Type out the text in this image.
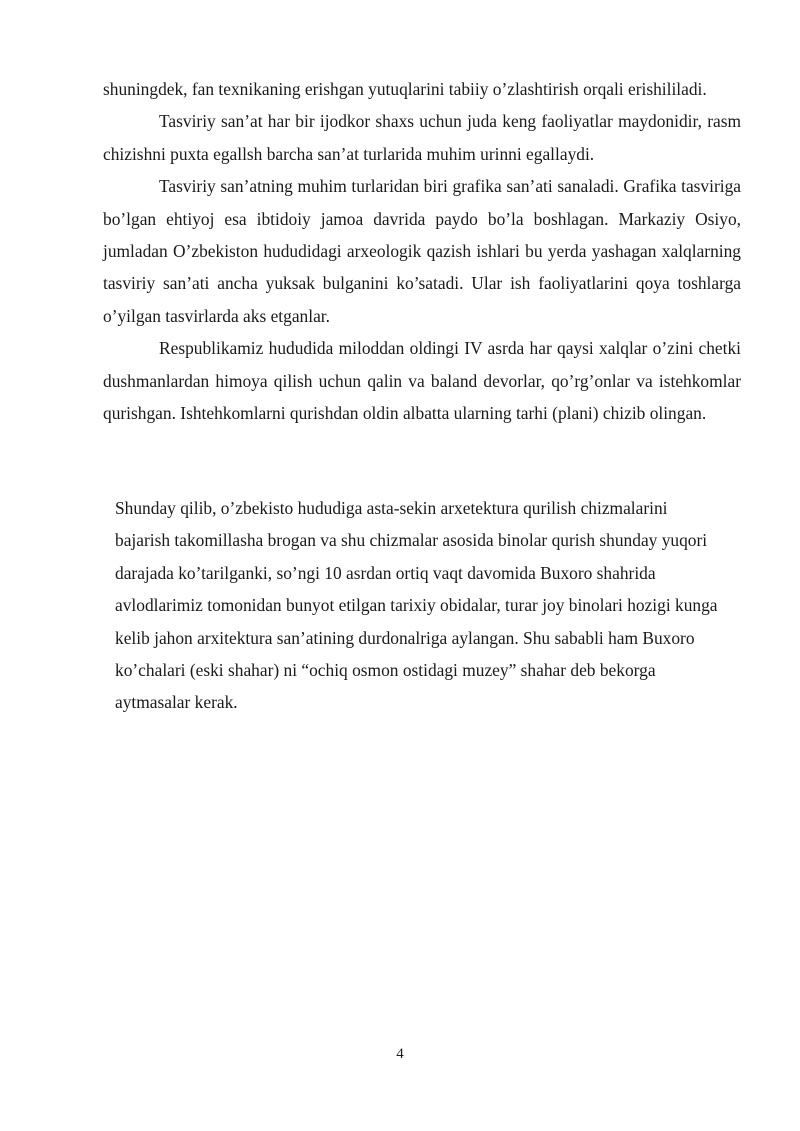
shuningdek, fan texnikaning erishgan yutuqlarini tabiiy o’zlashtirish orqali erishililadi.

Tasviriy san’at har bir ijodkor shaxs uchun juda keng faoliyatlar maydonidir, rasm chizishni puxta egallsh barcha san’at turlarida muhim urinni egallaydi.

Tasviriy san’atning muhim turlaridan biri grafika san’ati sanaladi. Grafika tasviriga bo’lgan ehtiyoj esa ibtidoiy jamoa davrida paydo bo’la boshlagan. Markaziy Osiyo, jumladan O’zbekiston hududidagi arxeologik qazish ishlari bu yerda yashagan xalqlarning tasviriy san’ati ancha yuksak bulganini ko’satadi. Ular ish faoliyatlarini qoya toshlarga o’yilgan tasvirlarda aks etganlar.

Respublikamiz hududida miloddan oldingi IV asrda har qaysi xalqlar o’zini chetki dushmanlardan himoya qilish uchun qalin va baland devorlar, qo’rg’onlar va istehkomlar qurishgan. Ishtehkomlarni qurishdan oldin albatta ularning tarhi (plani) chizib olingan.

Shunday qilib, o’zbekisto hududiga asta-sekin arxetektura qurilish chizmalarini bajarish takomillasha brogan va shu chizmalar asosida binolar qurish shunday yuqori darajada ko’tarilganki, so’ngi 10 asrdan ortiq vaqt davomida Buxoro shahrida avlodlarimiz tomonidan bunyot etilgan tarixiy obidalar, turar joy binolari hozigi kunga kelib jahon arxitektura san’atining durdonalriga aylangan. Shu sababli ham Buxoro ko’chalari (eski shahar) ni “ochiq osmon ostidagi muzey” shahar deb bekorga aytmasalar kerak.

4
